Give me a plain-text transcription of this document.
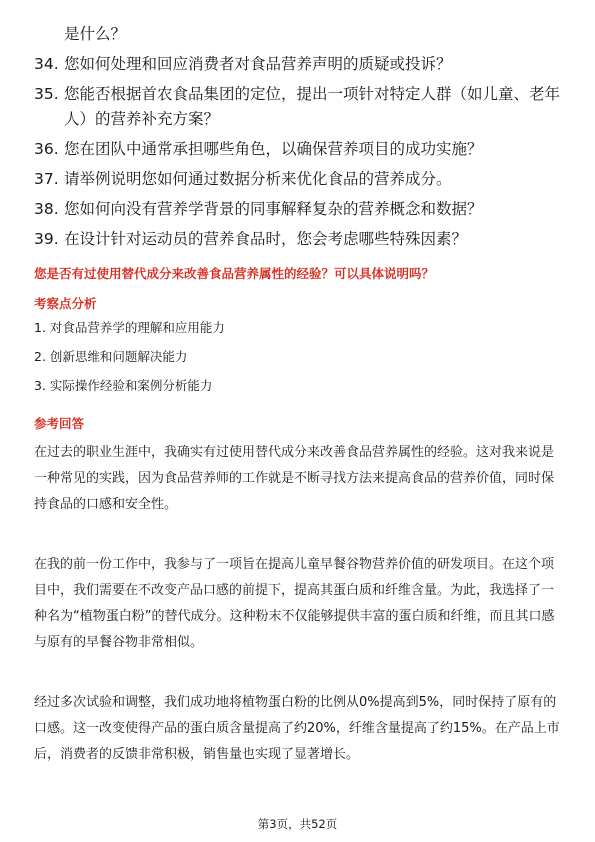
是什么？
34. 您如何处理和回应消费者对食品营养声明的质疑或投诉？
35. 您能否根据首农食品集团的定位，提出一项针对特定人群（如儿童、老年人）的营养补充方案？
36. 您在团队中通常承担哪些角色，以确保营养项目的成功实施？
37. 请举例说明您如何通过数据分析来优化食品的营养成分。
38. 您如何向没有营养学背景的同事解释复杂的营养概念和数据？
39. 在设计针对运动员的营养食品时，您会考虑哪些特殊因素？
您是否有过使用替代成分来改善食品营养属性的经验？可以具体说明吗？
考察点分析
1. 对食品营养学的理解和应用能力
2. 创新思维和问题解决能力
3. 实际操作经验和案例分析能力
参考回答

在过去的职业生涯中，我确实有过使用替代成分来改善食品营养属性的经验。这对我来说是一种常见的实践，因为食品营养师的工作就是不断寻找方法来提高食品的营养价值，同时保持食品的口感和安全性。

在我的前一份工作中，我参与了一项旨在提高儿童早餐谷物营养价值的研发项目。在这个项目中，我们需要在不改变产品口感的前提下，提高其蛋白质和纤维含量。为此，我选择了一种名为“植物蛋白粉”的替代成分。这种粉末不仅能够提供丰富的蛋白质和纤维，而且其口感与原有的早餐谷物非常相似。

经过多次试验和调整，我们成功地将植物蛋白粉的比例从0%提高到5%，同时保持了原有的口感。这一改变使得产品的蛋白质含量提高了约20%，纤维含量提高了约15%。在产品上市后，消费者的反馈非常积极，销售量也实现了显著增长。

第3页，共52页
